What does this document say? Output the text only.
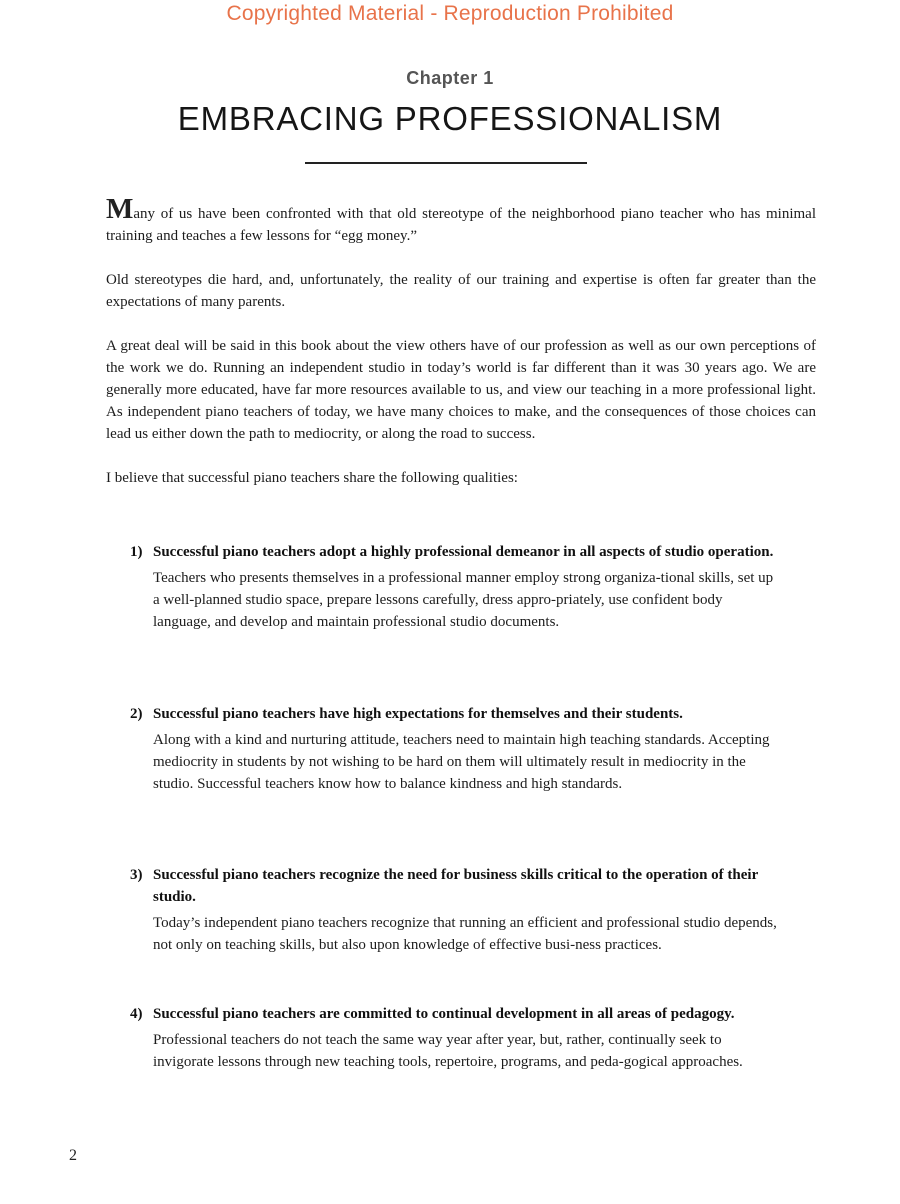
Copyrighted Material - Reproduction Prohibited
Chapter 1
EMBRACING PROFESSIONALISM

Many of us have been confronted with that old stereotype of the neighborhood piano teacher who has minimal training and teaches a few lessons for “egg money.”

Old stereotypes die hard, and, unfortunately, the reality of our training and expertise is often far greater than the expectations of many parents.

A great deal will be said in this book about the view others have of our profession as well as our own perceptions of the work we do. Running an independent studio in today’s world is far different than it was 30 years ago. We are generally more educated, have far more resources available to us, and view our teaching in a more professional light. As independent piano teachers of today, we have many choices to make, and the consequences of those choices can lead us either down the path to mediocrity, or along the road to success.

I believe that successful piano teachers share the following qualities:

1) Successful piano teachers adopt a highly professional demeanor in all aspects of studio operation.
Teachers who presents themselves in a professional manner employ strong organiza-tional skills, set up a well-planned studio space, prepare lessons carefully, dress appro-priately, use confident body language, and develop and maintain professional studio documents.
2) Successful piano teachers have high expectations for themselves and their students.
Along with a kind and nurturing attitude, teachers need to maintain high teaching standards. Accepting mediocrity in students by not wishing to be hard on them will ultimately result in mediocrity in the studio. Successful teachers know how to balance kindness and high standards.
3) Successful piano teachers recognize the need for business skills critical to the operation of their studio.
Today’s independent piano teachers recognize that running an efficient and professional studio depends, not only on teaching skills, but also upon knowledge of effective busi-ness practices.
4) Successful piano teachers are committed to continual development in all areas of pedagogy.
Professional teachers do not teach the same way year after year, but, rather, continually seek to invigorate lessons through new teaching tools, repertoire, programs, and peda-gogical approaches.
2
